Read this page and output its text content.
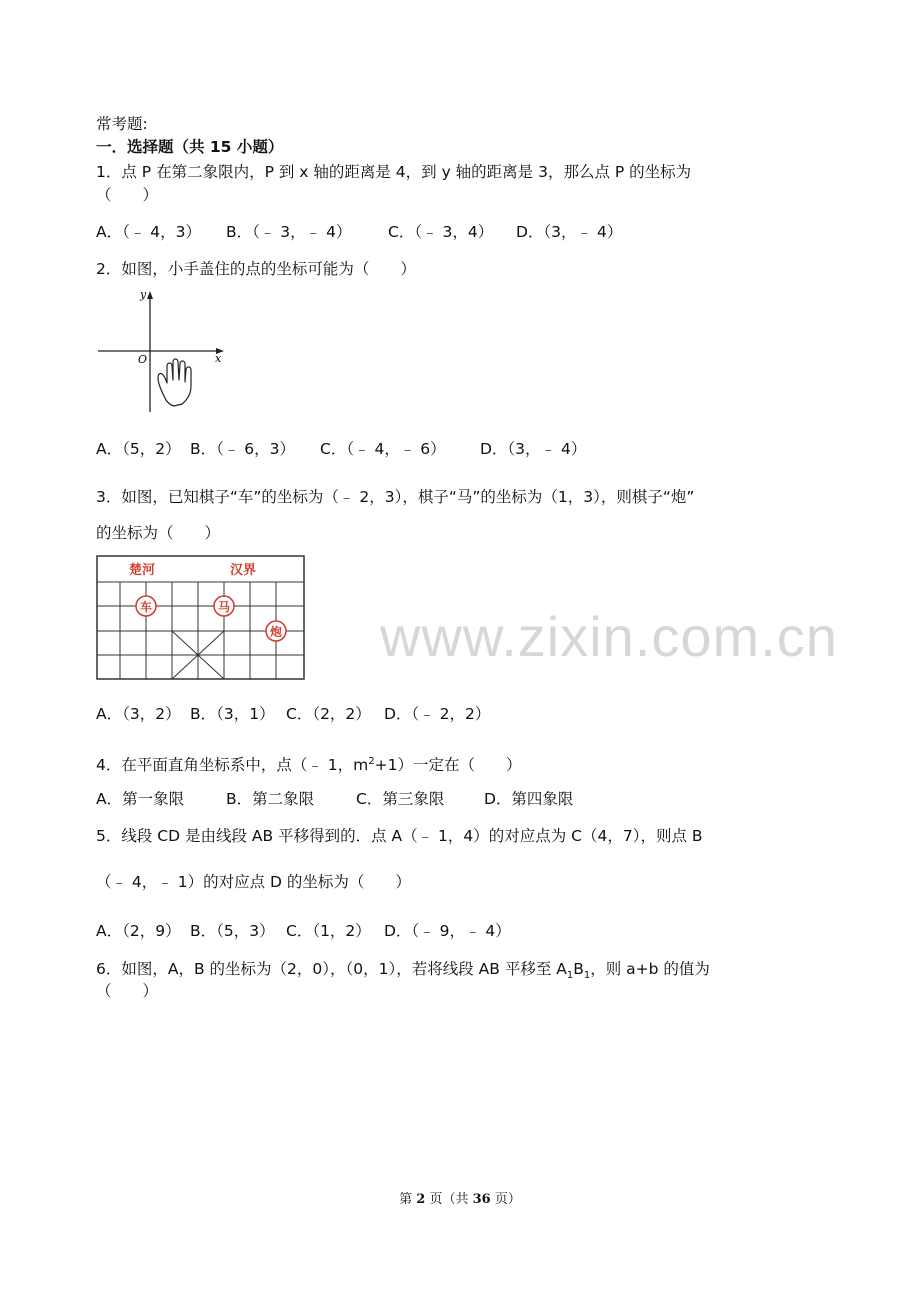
www.zixin.com.cn
常考题:
一．选择题（共 15 小题）
1．点 P 在第二象限内，P 到 x 轴的距离是 4，到 y 轴的距离是 3，那么点 P 的坐标为
（　　）
A．（﹣ 4，3） B．（﹣ 3，﹣ 4） C．（﹣ 3，4） D．（3，﹣ 4）
2．如图，小手盖住的点的坐标可能为（　　）
y
x
O
A．（5，2） B．（﹣ 6，3） C．（﹣ 4，﹣ 6） D．（3，﹣ 4）
3．如图，已知棋子“车”的坐标为（﹣ 2，3），棋子“马”的坐标为（1，3），则棋子“炮”
的坐标为（　　）
楚河	汉界
车	马
炮
A．（3，2） B．（3，1） C．（2，2） D．（﹣ 2，2）
4．在平面直角坐标系中，点（﹣ 1，$m^2+1$）一定在（　　）
A．第一象限	B．第二象限	C．第三象限	D．第四象限
5．线段 CD 是由线段 AB 平移得到的．点 A（﹣ 1，4）的对应点为 C（4，7），则点 B
（﹣ 4，﹣ 1）的对应点 D 的坐标为（　　）
A．（2，9） B．（5，3） C．（1，2） D．（﹣ 9，﹣ 4）
6．如图，A，B 的坐标为（2，0），（0，1），若将线段 AB 平移至 $A_1B_1$，则 a+b 的值为
（　　）
第 2 页（共 36 页）
